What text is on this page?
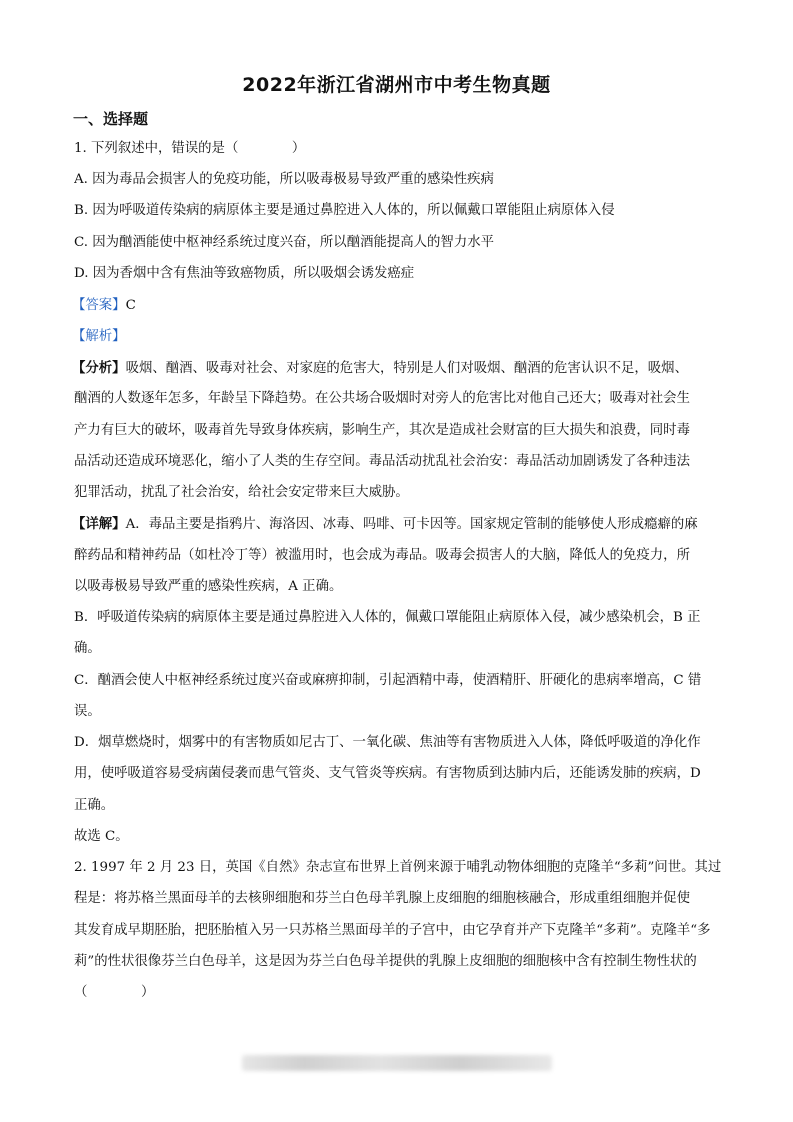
2022年浙江省湖州市中考生物真题
一、选择题
1. 下列叙述中，错误的是（　　　　）
A. 因为毒品会损害人的免疫功能，所以吸毒极易导致严重的感染性疾病
B. 因为呼吸道传染病的病原体主要是通过鼻腔进入人体的，所以佩戴口罩能阻止病原体入侵
C. 因为酗酒能使中枢神经系统过度兴奋，所以酗酒能提高人的智力水平
D. 因为香烟中含有焦油等致癌物质，所以吸烟会诱发癌症
【答案】C
【解析】
【分析】吸烟、酗酒、吸毒对社会、对家庭的危害大，特别是人们对吸烟、酗酒的危害认识不足，吸烟、
酗酒的人数逐年怎多，年龄呈下降趋势。在公共场合吸烟时对旁人的危害比对他自己还大；吸毒对社会生
产力有巨大的破坏，吸毒首先导致身体疾病，影响生产，其次是造成社会财富的巨大损失和浪费，同时毒
品活动还造成环境恶化，缩小了人类的生存空间。毒品活动扰乱社会治安：毒品活动加剧诱发了各种违法
犯罪活动，扰乱了社会治安，给社会安定带来巨大威胁。
【详解】A．毒品主要是指鸦片、海洛因、冰毒、吗啡、可卡因等。国家规定管制的能够使人形成瘾癖的麻
醉药品和精神药品（如杜冷丁等）被滥用时，也会成为毒品。吸毒会损害人的大脑，降低人的免疫力，所
以吸毒极易导致严重的感染性疾病，A 正确。
B．呼吸道传染病的病原体主要是通过鼻腔进入人体的，佩戴口罩能阻止病原体入侵，减少感染机会，B 正
确。
C．酗酒会使人中枢神经系统过度兴奋或麻痹抑制，引起酒精中毒，使酒精肝、肝硬化的患病率增高，C 错
误。
D．烟草燃烧时，烟雾中的有害物质如尼古丁、一氧化碳、焦油等有害物质进入人体，降低呼吸道的净化作
用，使呼吸道容易受病菌侵袭而患气管炎、支气管炎等疾病。有害物质到达肺内后，还能诱发肺的疾病，D
正确。
故选 C。
2. 1997 年 2 月 23 日，英国《自然》杂志宣布世界上首例来源于哺乳动物体细胞的克隆羊“多莉”问世。其过
程是：将苏格兰黑面母羊的去核卵细胞和芬兰白色母羊乳腺上皮细胞的细胞核融合，形成重组细胞并促使
其发育成早期胚胎，把胚胎植入另一只苏格兰黑面母羊的子宫中，由它孕育并产下克隆羊“多莉”。克隆羊“多
莉”的性状很像芬兰白色母羊，这是因为芬兰白色母羊提供的乳腺上皮细胞的细胞核中含有控制生物性状的
（　　　　）
